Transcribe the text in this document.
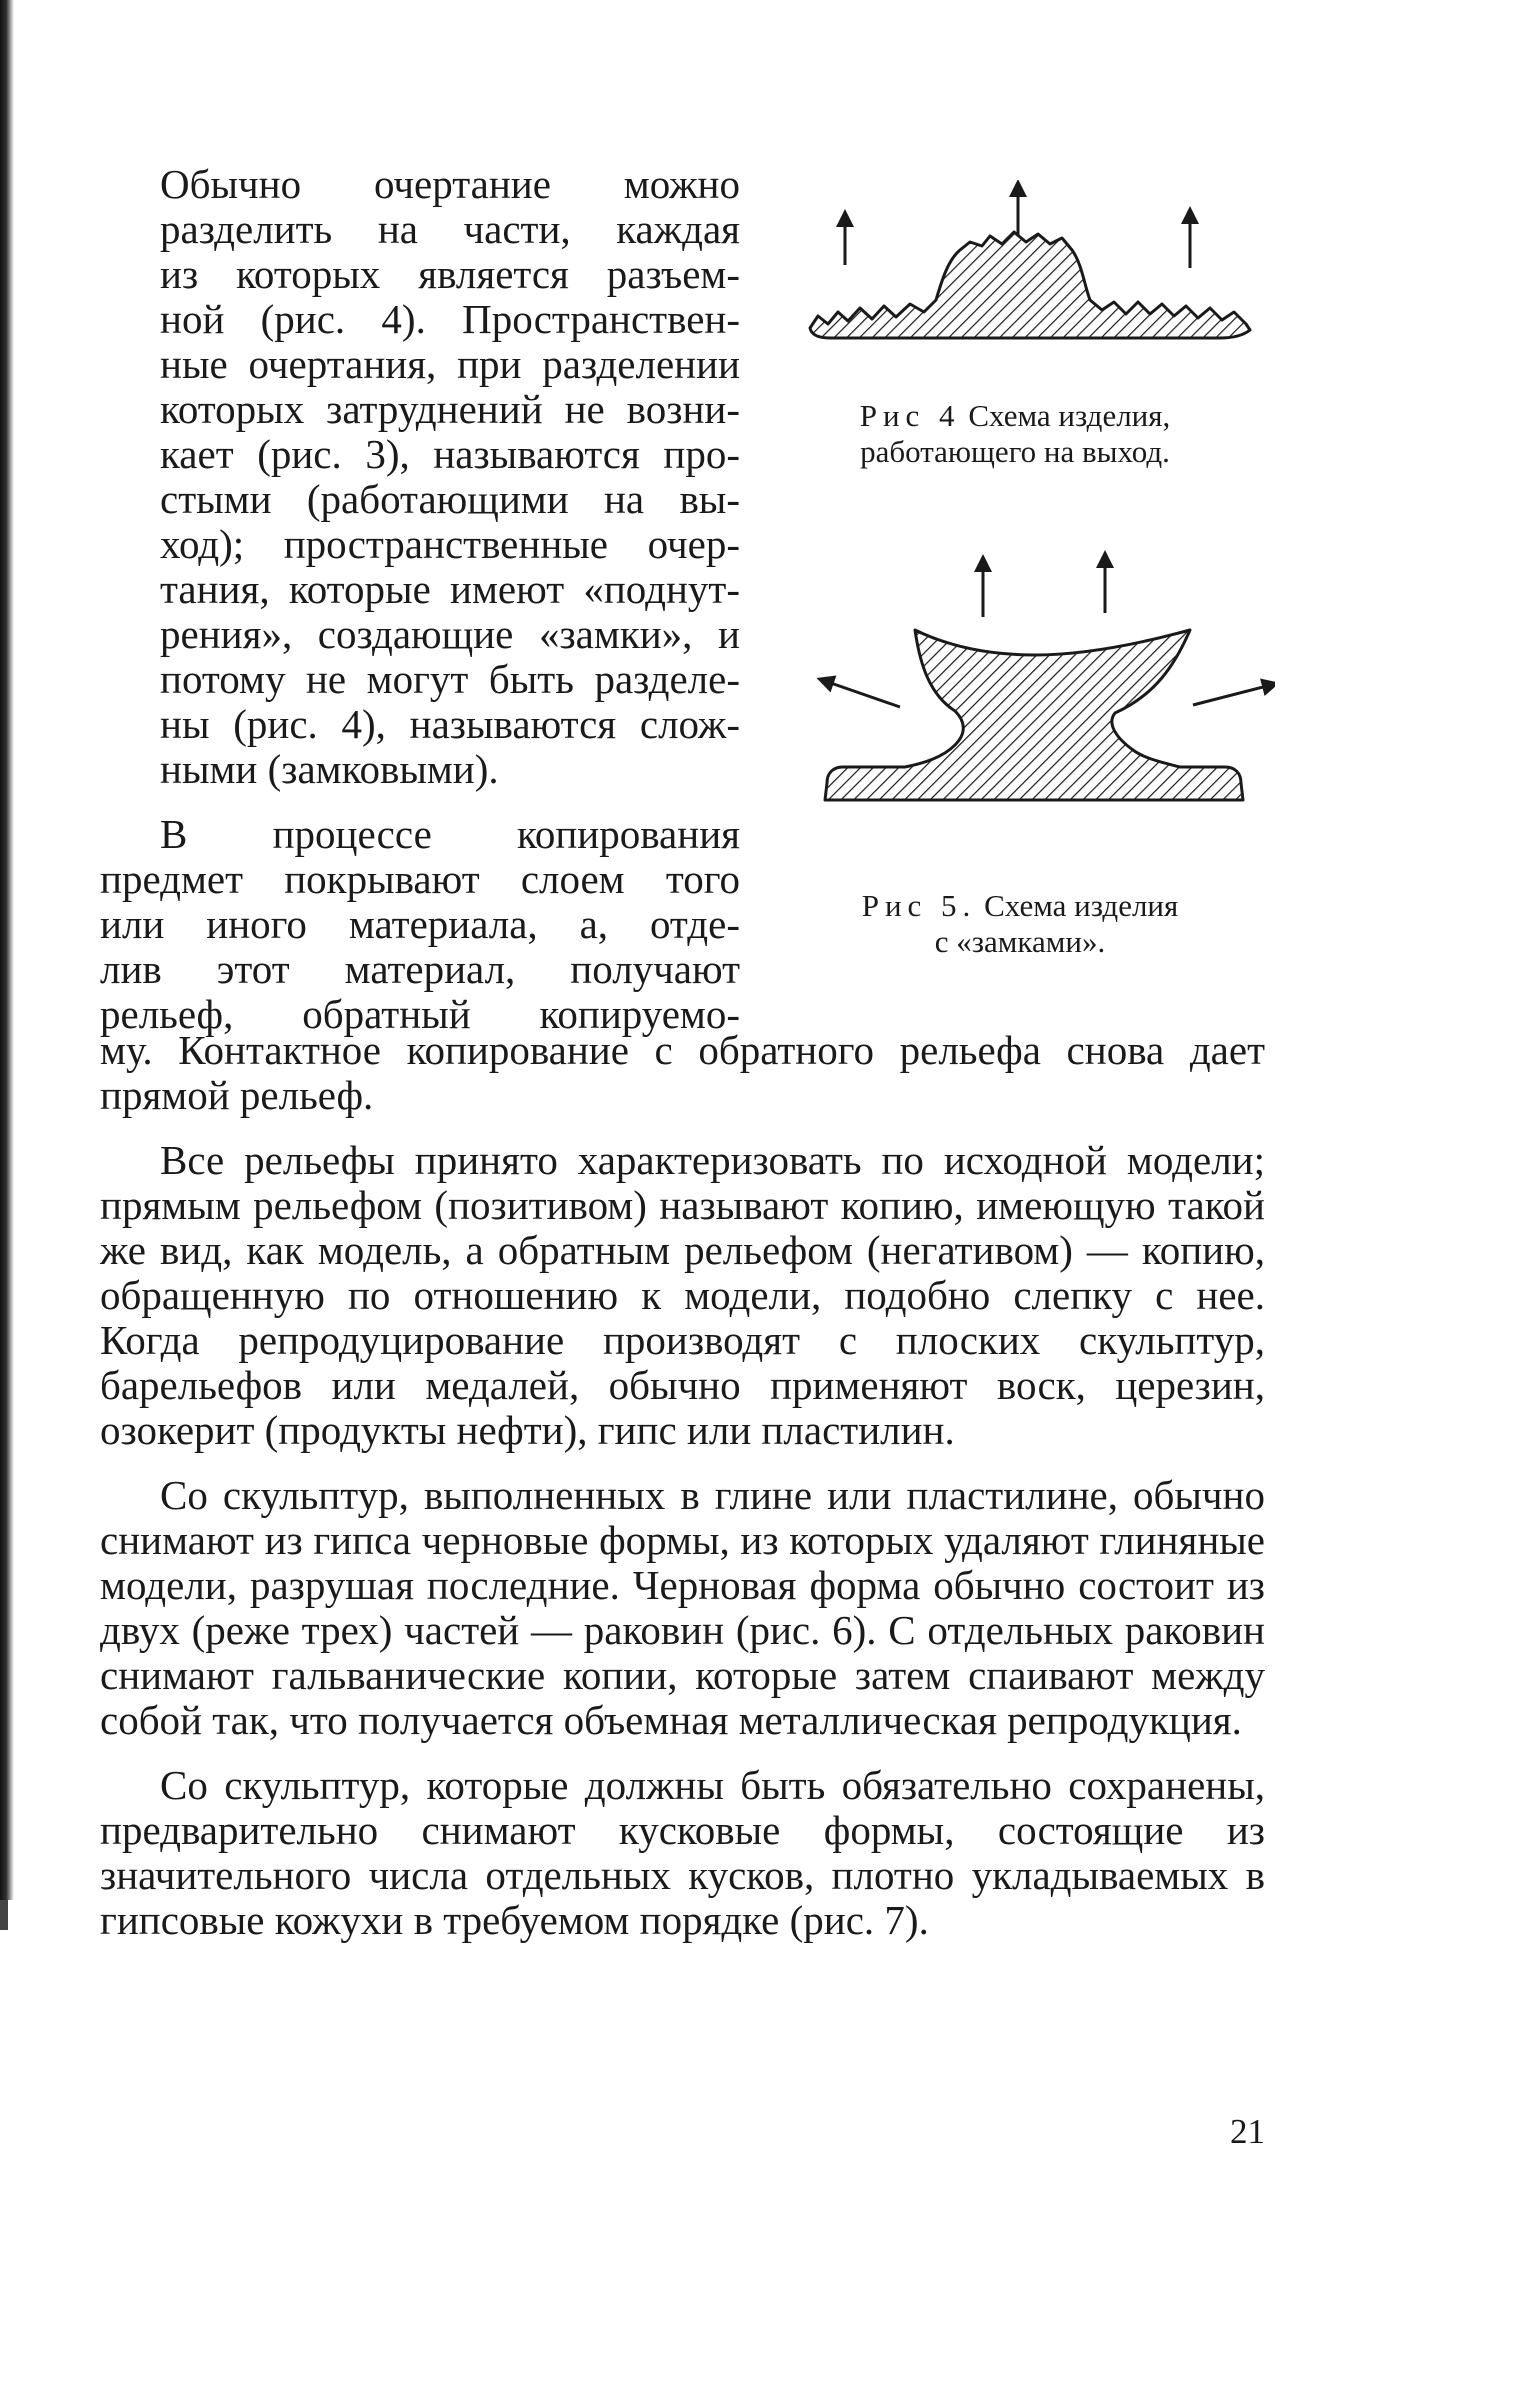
Обычно очертание можно
разделить на части, каждая
из которых является разъем-
ной (рис. 4). Пространствен-
ные очертания, при разделении
которых затруднений не возни-
кает (рис. 3), называются про-
стыми (работающими на вы-
ход); пространственные очер-
тания, которые имеют «поднут-
рения», создающие «замки», и
потому не могут быть разделе-
ны (рис. 4), называются слож-
ными (замковыми).

В процессе копирования
предмет покрывают слоем того
или иного материала, а, отде-
лив этот материал, получают
рельеф, обратный копируемо-

Рис 4 Схема изделия,
работающего на выход.
Рис 5. Схема изделия
с «замками».

му. Контактное копирование с обратного рельефа снова дает прямой рельеф.

Все рельефы принято характеризовать по исходной модели; прямым рельефом (позитивом) называют копию, имеющую такой же вид, как модель, а обратным рельефом (негативом) — копию, обращенную по отношению к модели, подобно слепку с нее. Когда репродуцирование производят с плоских скульптур, барельефов или медалей, обычно применяют воск, церезин, озокерит (продукты нефти), гипс или пластилин.

Со скульптур, выполненных в глине или пластилине, обычно снимают из гипса черновые формы, из которых удаляют глиняные модели, разрушая последние. Черновая форма обычно состоит из двух (реже трех) частей — раковин (рис. 6). С отдельных раковин снимают гальванические копии, которые затем спаивают между собой так, что получается объемная металлическая репродукция.

Со скульптур, которые должны быть обязательно сохранены, предварительно снимают кусковые формы, состоящие из значительного числа отдельных кусков, плотно укладываемых в гипсовые кожухи в требуемом порядке (рис. 7).

21
